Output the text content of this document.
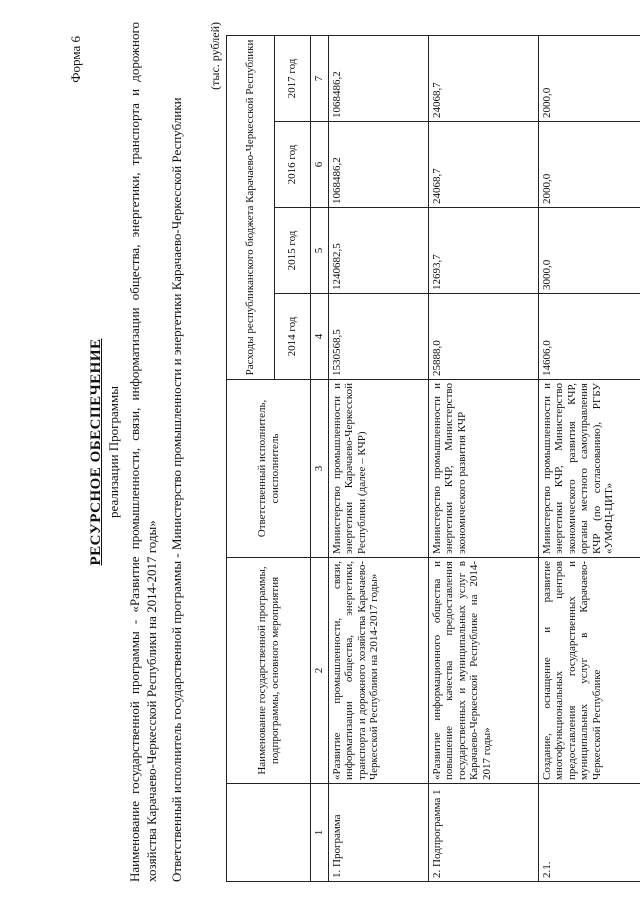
Форма 6
РЕСУРСНОЕ ОБЕСПЕЧЕНИЕ реализации Программы Наименование государственной программы - «Развитие промышленности, связи, информатизации общества, энергетики, транспорта и дорожного хозяйства Карачаево-Черкесской Республики на 2014-2017 годы» Ответственный исполнитель государственной программы - Министерство промышленности и энергетики Карачаево-Черкесской Республики
(тыс. рублей)
	Наименование государственной программы, подпрограммы, основного мероприятия	Ответственный исполнитель, соисполнитель	Расходы республиканского бюджета Карачаево-Черкесской Республики			
			2014 год	2015 год	2016 год	2017 год
1	2	3	4	5	6	7
1. Программа	«Развитие промышленности, связи, информатизации общества, энергетики, транспорта и дорожного хозяйства Карачаево-Черкесской Республики на 2014-2017 годы»	Министерство промышленности и энергетики Карачаево-Черкесской Республики (далее – КЧР)	1530568,5	1240682,5	1068486,2	1068486,2
2. Подпрограмма 1	«Развитие информационного общества и повышение качества предоставления государственных и муниципальных услуг в Карачаево-Черкесской Республике на 2014-2017 годы»	Министерство промышленности и энергетики КЧР, Министерство экономического развития КЧР	25888,0	12693,7	24068,7	24068,7
2.1.	Создание, оснащение и развитие многофункциональных центров предоставления государственных и муниципальных услуг в Карачаево-Черкесской Республике	Министерство промышленности и энергетики КЧР, Министерство экономического развития КЧР, органы местного самоуправления КЧР (по согласованию), РГБУ «УМФЦ-ЦИТ»	14606,0	3000,0	2000,0	2000,0
